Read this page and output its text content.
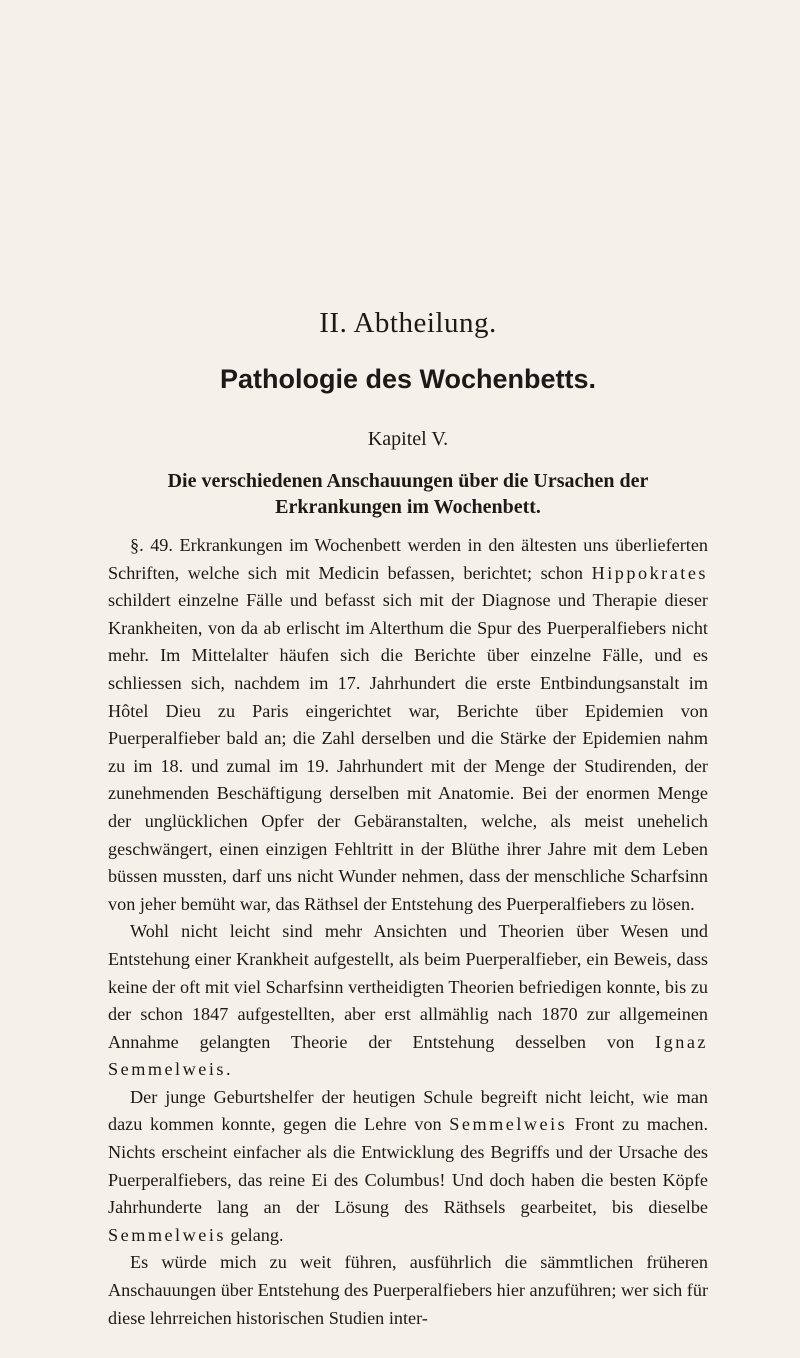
II. Abtheilung.
Pathologie des Wochenbetts.
Kapitel V.
Die verschiedenen Anschauungen über die Ursachen der
Erkrankungen im Wochenbett.

§. 49. Erkrankungen im Wochenbett werden in den ältesten uns überlieferten Schriften, welche sich mit Medicin befassen, berichtet; schon Hippokrates schildert einzelne Fälle und befasst sich mit der Diagnose und Therapie dieser Krankheiten, von da ab erlischt im Alterthum die Spur des Puerperalfiebers nicht mehr. Im Mittelalter häufen sich die Berichte über einzelne Fälle, und es schliessen sich, nachdem im 17. Jahrhundert die erste Entbindungsanstalt im Hôtel Dieu zu Paris eingerichtet war, Berichte über Epidemien von Puerperalfieber bald an; die Zahl derselben und die Stärke der Epidemien nahm zu im 18. und zumal im 19. Jahrhundert mit der Menge der Studirenden, der zunehmenden Beschäftigung derselben mit Anatomie. Bei der enormen Menge der unglücklichen Opfer der Gebäranstalten, welche, als meist unehelich geschwängert, einen einzigen Fehltritt in der Blüthe ihrer Jahre mit dem Leben büssen mussten, darf uns nicht Wunder nehmen, dass der menschliche Scharfsinn von jeher bemüht war, das Räthsel der Entstehung des Puerperalfiebers zu lösen.

Wohl nicht leicht sind mehr Ansichten und Theorien über Wesen und Entstehung einer Krankheit aufgestellt, als beim Puerperalfieber, ein Beweis, dass keine der oft mit viel Scharfsinn vertheidigten Theorien befriedigen konnte, bis zu der schon 1847 aufgestellten, aber erst allmählig nach 1870 zur allgemeinen Annahme gelangten Theorie der Entstehung desselben von Ignaz Semmelweis.

Der junge Geburtshelfer der heutigen Schule begreift nicht leicht, wie man dazu kommen konnte, gegen die Lehre von Semmelweis Front zu machen. Nichts erscheint einfacher als die Entwicklung des Begriffs und der Ursache des Puerperalfiebers, das reine Ei des Columbus! Und doch haben die besten Köpfe Jahrhunderte lang an der Lösung des Räthsels gearbeitet, bis dieselbe Semmelweis gelang.

Es würde mich zu weit führen, ausführlich die sämmtlichen früheren Anschauungen über Entstehung des Puerperalfiebers hier anzuführen; wer sich für diese lehrreichen historischen Studien inter-
